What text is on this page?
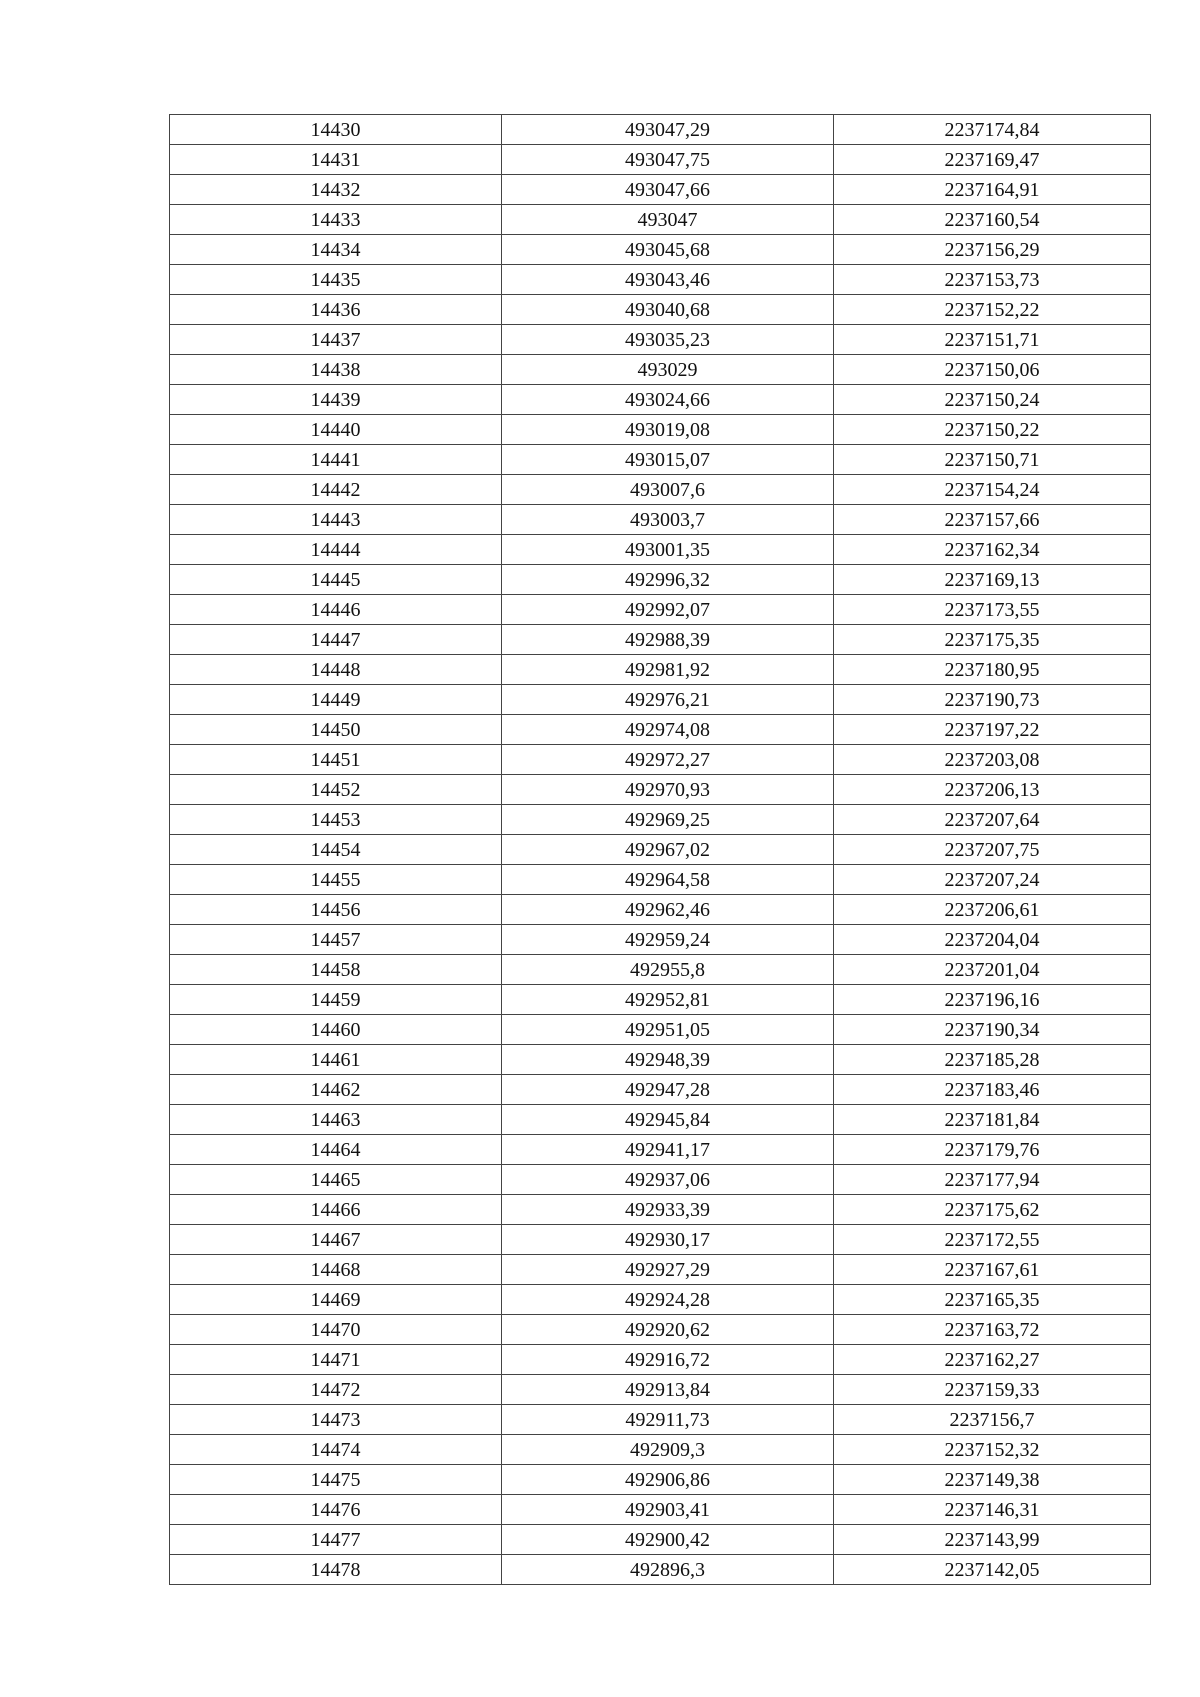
14430	493047,29	2237174,84
14431	493047,75	2237169,47
14432	493047,66	2237164,91
14433	493047	2237160,54
14434	493045,68	2237156,29
14435	493043,46	2237153,73
14436	493040,68	2237152,22
14437	493035,23	2237151,71
14438	493029	2237150,06
14439	493024,66	2237150,24
14440	493019,08	2237150,22
14441	493015,07	2237150,71
14442	493007,6	2237154,24
14443	493003,7	2237157,66
14444	493001,35	2237162,34
14445	492996,32	2237169,13
14446	492992,07	2237173,55
14447	492988,39	2237175,35
14448	492981,92	2237180,95
14449	492976,21	2237190,73
14450	492974,08	2237197,22
14451	492972,27	2237203,08
14452	492970,93	2237206,13
14453	492969,25	2237207,64
14454	492967,02	2237207,75
14455	492964,58	2237207,24
14456	492962,46	2237206,61
14457	492959,24	2237204,04
14458	492955,8	2237201,04
14459	492952,81	2237196,16
14460	492951,05	2237190,34
14461	492948,39	2237185,28
14462	492947,28	2237183,46
14463	492945,84	2237181,84
14464	492941,17	2237179,76
14465	492937,06	2237177,94
14466	492933,39	2237175,62
14467	492930,17	2237172,55
14468	492927,29	2237167,61
14469	492924,28	2237165,35
14470	492920,62	2237163,72
14471	492916,72	2237162,27
14472	492913,84	2237159,33
14473	492911,73	2237156,7
14474	492909,3	2237152,32
14475	492906,86	2237149,38
14476	492903,41	2237146,31
14477	492900,42	2237143,99
14478	492896,3	2237142,05
